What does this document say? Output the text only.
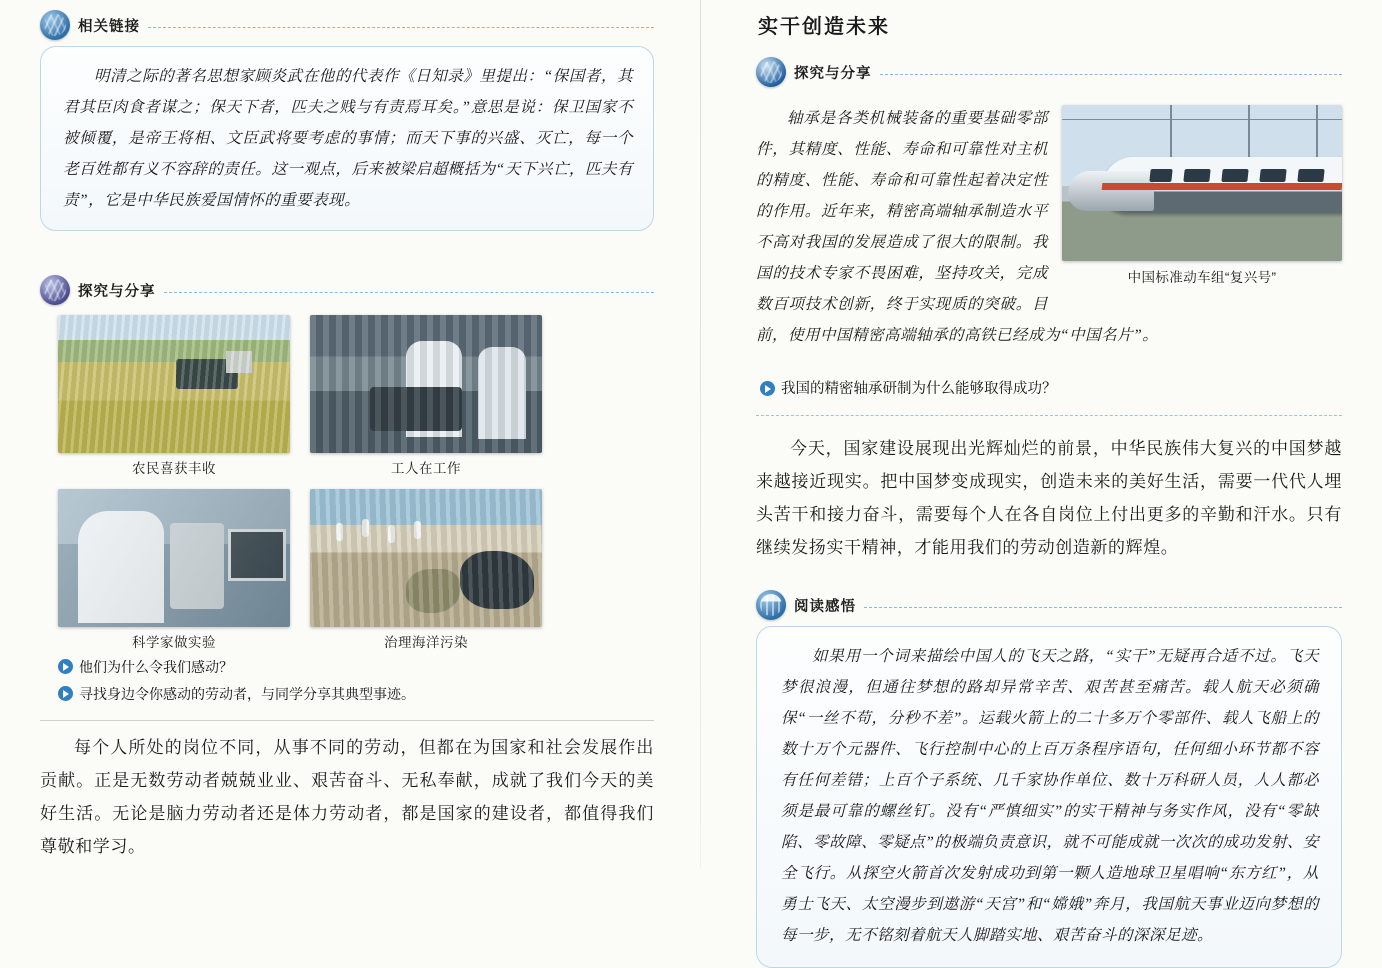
相关链接

明清之际的著名思想家顾炎武在他的代表作《日知录》里提出：“保国者，其君其臣肉食者谋之；保天下者，匹夫之贱与有责焉耳矣。”意思是说：保卫国家不被倾覆，是帝王将相、文臣武将要考虑的事情；而天下事的兴盛、灭亡，每一个老百姓都有义不容辞的责任。这一观点，后来被梁启超概括为“天下兴亡，匹夫有责”，它是中华民族爱国情怀的重要表现。

探究与分享
农民喜获丰收	工人在工作
科学家做实验	治理海洋污染
他们为什么令我们感动？
寻找身边令你感动的劳动者，与同学分享其典型事迹。

每个人所处的岗位不同，从事不同的劳动，但都在为国家和社会发展作出贡献。正是无数劳动者兢兢业业、艰苦奋斗、无私奉献，成就了我们今天的美好生活。无论是脑力劳动者还是体力劳动者，都是国家的建设者，都值得我们尊敬和学习。

实干创造未来
探究与分享
中国标准动车组“复兴号”

轴承是各类机械装备的重要基础零部件，其精度、性能、寿命和可靠性对主机的精度、性能、寿命和可靠性起着决定性的作用。近年来，精密高端轴承制造水平不高对我国的发展造成了很大的限制。我国的技术专家不畏困难，坚持攻关，完成数百项技术创新，终于实现质的突破。目前，使用中国精密高端轴承的高铁已经成为“中国名片”。

我国的精密轴承研制为什么能够取得成功？

今天，国家建设展现出光辉灿烂的前景，中华民族伟大复兴的中国梦越来越接近现实。把中国梦变成现实，创造未来的美好生活，需要一代代人埋头苦干和接力奋斗，需要每个人在各自岗位上付出更多的辛勤和汗水。只有继续发扬实干精神，才能用我们的劳动创造新的辉煌。

阅读感悟

如果用一个词来描绘中国人的飞天之路，“实干”无疑再合适不过。飞天梦很浪漫，但通往梦想的路却异常辛苦、艰苦甚至痛苦。载人航天必须确保“一丝不苟，分秒不差”。运载火箭上的二十多万个零部件、载人飞船上的数十万个元器件、飞行控制中心的上百万条程序语句，任何细小环节都不容有任何差错；上百个子系统、几千家协作单位、数十万科研人员，人人都必须是最可靠的螺丝钉。没有“严慎细实”的实干精神与务实作风，没有“零缺陷、零故障、零疑点”的极端负责意识，就不可能成就一次次的成功发射、安全飞行。从探空火箭首次发射成功到第一颗人造地球卫星唱响“东方红”，从勇士飞天、太空漫步到遨游“天宫”和“嫦娥”奔月，我国航天事业迈向梦想的每一步，无不铭刻着航天人脚踏实地、艰苦奋斗的深深足迹。
